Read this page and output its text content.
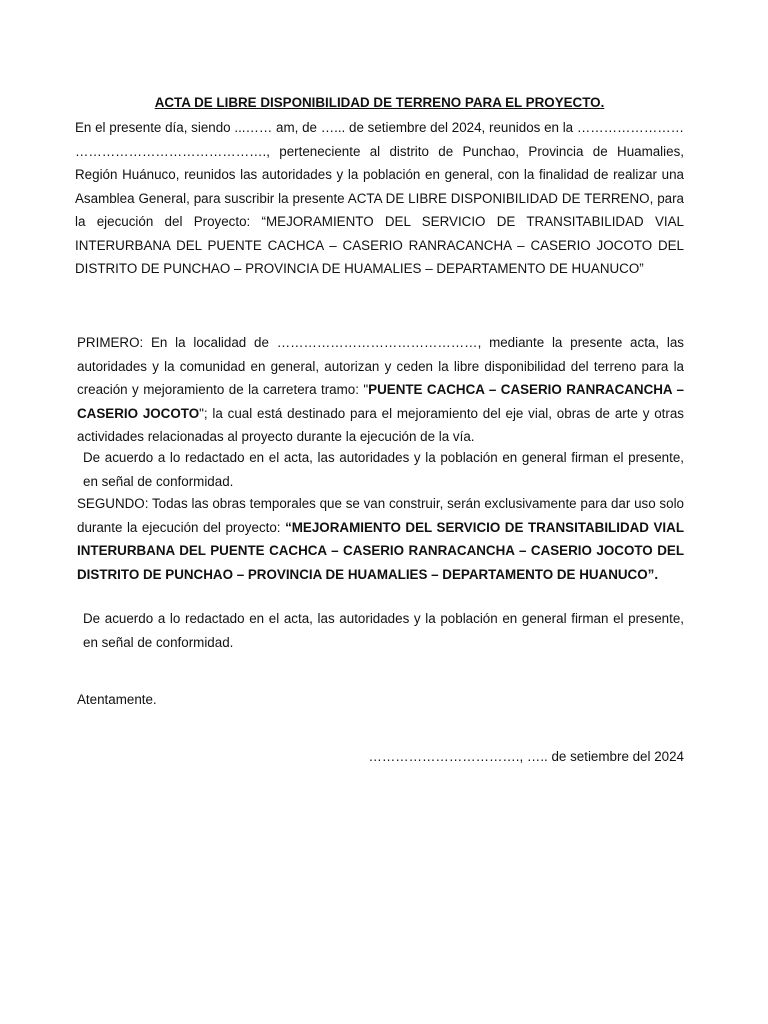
ACTA DE LIBRE DISPONIBILIDAD DE TERRENO PARA EL PROYECTO.
En el presente día, siendo ...…… am, de …... de setiembre del 2024, reunidos en la …………………… ……………………………………., perteneciente al distrito de Punchao, Provincia de Huamalies, Región Huánuco, reunidos las autoridades y la población en general, con la finalidad de realizar una Asamblea General, para suscribir la presente ACTA DE LIBRE DISPONIBILIDAD DE TERRENO, para la ejecución del Proyecto: “MEJORAMIENTO DEL SERVICIO DE TRANSITABILIDAD VIAL INTERURBANA DEL PUENTE CACHCA – CASERIO RANRACANCHA – CASERIO JOCOTO DEL DISTRITO DE PUNCHAO – PROVINCIA DE HUAMALIES – DEPARTAMENTO DE HUANUCO”
PRIMERO: En la localidad de ………………………………………, mediante la presente acta, las autoridades y la comunidad en general, autorizan y ceden la libre disponibilidad del terreno para la creación y mejoramiento de la carretera tramo: "PUENTE CACHCA – CASERIO RANRACANCHA – CASERIO JOCOTO"; la cual está destinado para el mejoramiento del eje vial, obras de arte y otras actividades relacionadas al proyecto durante la ejecución de la vía.
De acuerdo a lo redactado en el acta, las autoridades y la población en general firman el presente, en señal de conformidad.
SEGUNDO: Todas las obras temporales que se van construir, serán exclusivamente para dar uso solo durante la ejecución del proyecto: “MEJORAMIENTO DEL SERVICIO DE TRANSITABILIDAD VIAL INTERURBANA DEL PUENTE CACHCA – CASERIO RANRACANCHA – CASERIO JOCOTO DEL DISTRITO DE PUNCHAO – PROVINCIA DE HUAMALIES – DEPARTAMENTO DE HUANUCO”.
De acuerdo a lo redactado en el acta, las autoridades y la población en general firman el presente, en señal de conformidad.
Atentamente.
……………………………., ….. de setiembre del 2024
